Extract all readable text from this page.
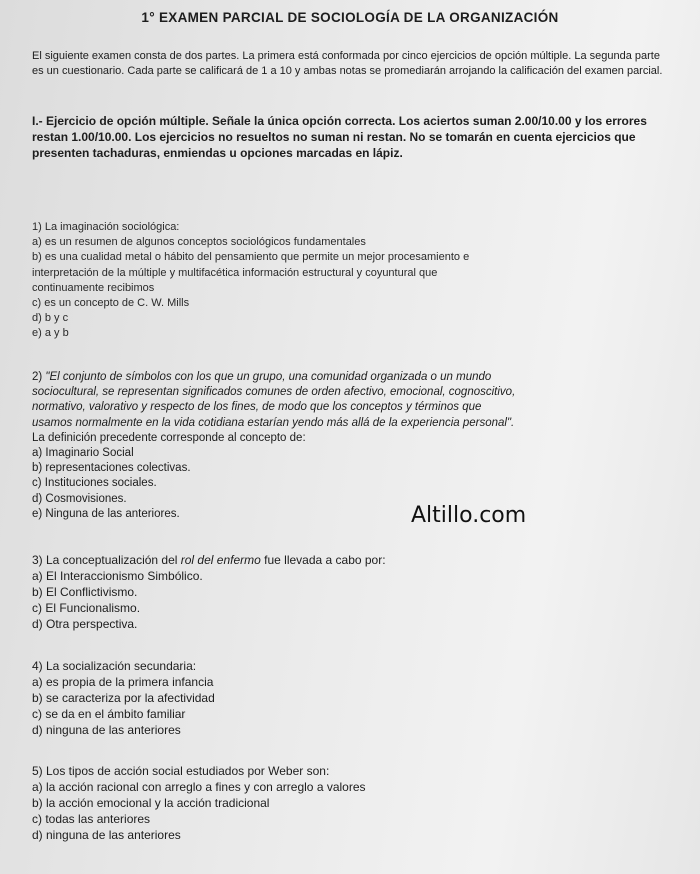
1° EXAMEN PARCIAL DE SOCIOLOGÍA DE LA ORGANIZACIÓN
El siguiente examen consta de dos partes. La primera está conformada por cinco ejercicios de opción múltiple. La segunda parte es un cuestionario. Cada parte se calificará de 1 a 10 y ambas notas se promediarán arrojando la calificación del examen parcial.
I.- Ejercicio de opción múltiple. Señale la única opción correcta. Los aciertos suman 2.00/10.00 y los errores restan 1.00/10.00. Los ejercicios no resueltos no suman ni restan. No se tomarán en cuenta ejercicios que presenten tachaduras, enmiendas u opciones marcadas en lápiz.
1) La imaginación sociológica:
a) es un resumen de algunos conceptos sociológicos fundamentales
b) es una cualidad metal o hábito del pensamiento que permite un mejor procesamiento e
interpretación de la múltiple y multifacética información estructural y coyuntural que
continuamente recibimos
c) es un concepto de C. W. Mills
d) b y c
e) a y b
2) "El conjunto de símbolos con los que un grupo, una comunidad organizada o un mundo
sociocultural, se representan significados comunes de orden afectivo, emocional, cognoscitivo,
normativo, valorativo y respecto de los fines, de modo que los conceptos y términos que
usamos normalmente en la vida cotidiana estarían yendo más allá de la experiencia personal".
La definición precedente corresponde al concepto de:
a) Imaginario Social
b) representaciones colectivas.
c) Instituciones sociales.
d) Cosmovisiones.
e) Ninguna de las anteriores.	Altillo.com
3) La conceptualización del rol del enfermo fue llevada a cabo por:
a) El Interaccionismo Simbólico.
b) El Conflictivismo.
c) El Funcionalismo.
d) Otra perspectiva.
4) La socialización secundaria:
a) es propia de la primera infancia
b) se caracteriza por la afectividad
c) se da en el ámbito familiar
d) ninguna de las anteriores
5) Los tipos de acción social estudiados por Weber son:
a) la acción racional con arreglo a fines y con arreglo a valores
b) la acción emocional y la acción tradicional
c) todas las anteriores
d) ninguna de las anteriores
